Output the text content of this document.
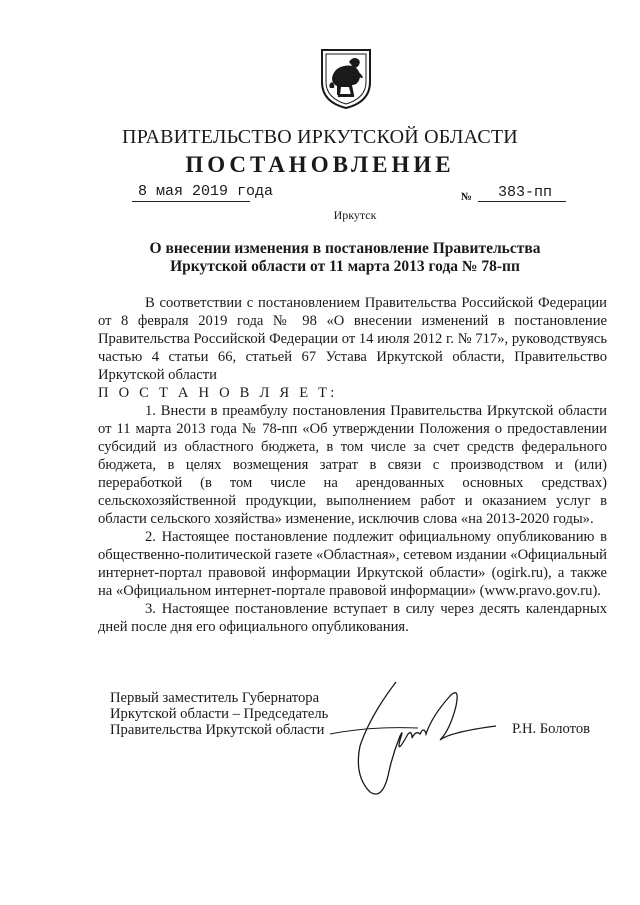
ПРАВИТЕЛЬСТВО ИРКУТСКОЙ ОБЛАСТИ
ПОСТАНОВЛЕНИЕ
8 мая 2019 года	№ 383-пп
Иркутск
О внесении изменения в постановление Правительства Иркутской области от 11 марта 2013 года № 78-пп

В соответствии с постановлением Правительства Российской Федерации от 8 февраля 2019 года № 98 «О внесении изменений в постановление Правительства Российской Федерации от 14 июля 2012 г. № 717», руководствуясь частью 4 статьи 66, статьей 67 Устава Иркутской области, Правительство Иркутской области

П О С Т А Н О В Л Я Е Т:

1. Внести в преамбулу постановления Правительства Иркутской области от 11 марта 2013 года № 78-пп «Об утверждении Положения о предоставлении субсидий из областного бюджета, в том числе за счет средств федерального бюджета, в целях возмещения затрат в связи с производством и (или) переработкой (в том числе на арендованных основных средствах) сельскохозяйственной продукции, выполнением работ и оказанием услуг в области сельского хозяйства» изменение, исключив слова «на 2013-2020 годы».

2. Настоящее постановление подлежит официальному опубликованию в общественно-политической газете «Областная», сетевом издании «Официальный интернет-портал правовой информации Иркутской области» (ogirk.ru), а также на «Официальном интернет-портале правовой информации» (www.pravo.gov.ru).

3. Настоящее постановление вступает в силу через десять календарных дней после дня его официального опубликования.

Первый заместитель Губернатора
Иркутской области – Председатель
Правительства Иркутской области	Р.Н. Болотов
